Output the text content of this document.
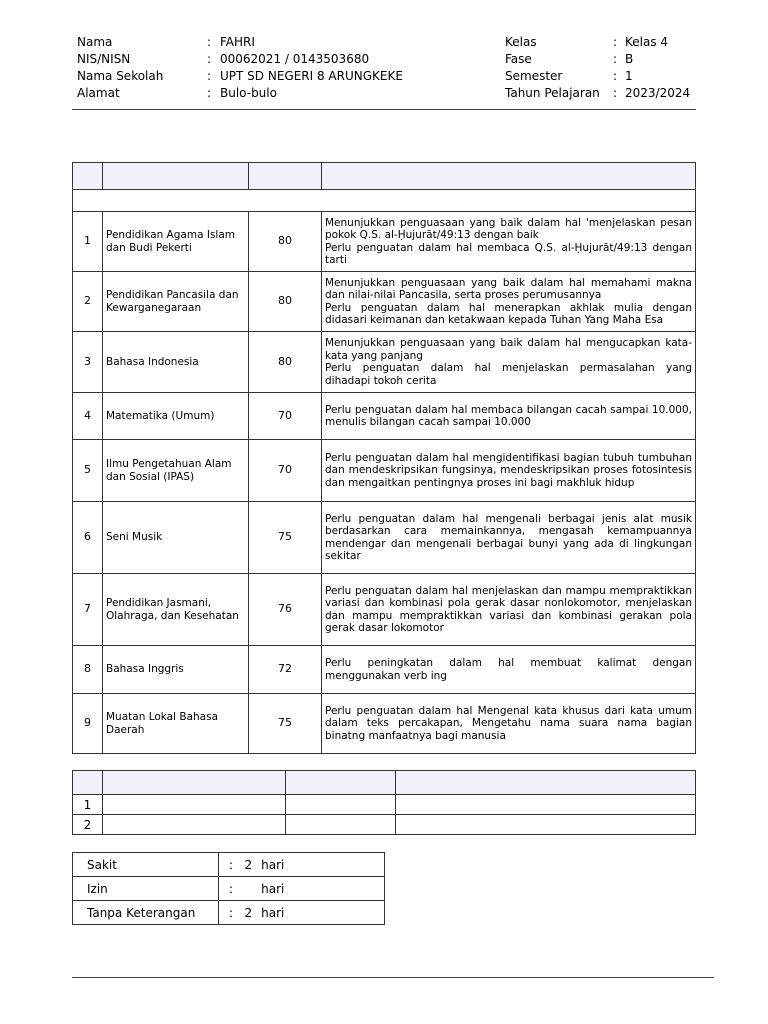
Nama	: FAHRI
NIS/NISN	: 00062021 / 0143503680
Nama Sekolah	: UPT SD NEGERI 8 ARUNGKEKE
Alamat	: Bulo-bulo
Kelas	: Kelas 4
Fase	: B
Semester	: 1
Tahun Pelajaran : 2023/2024

1	Pendidikan Agama Islam dan Budi Pekerti	80	Menunjukkan penguasaan yang baik dalam hal 'menjelaskan pesan pokok Q.S. al-Ḥujurāt/49:13 dengan baik
Perlu penguatan dalam hal membaca Q.S. al-Ḥujurāt/49:13 dengan tarti

2	Pendidikan Pancasila dan Kewarganegaraan	80	Menunjukkan penguasaan yang baik dalam hal memahami makna dan nilai-nilai Pancasila, serta proses perumusannya
Perlu penguatan dalam hal menerapkan akhlak mulia dengan didasari keimanan dan ketakwaan kepada Tuhan Yang Maha Esa

3	Bahasa Indonesia	80	Menunjukkan penguasaan yang baik dalam hal mengucapkan kata-kata yang panjang
Perlu penguatan dalam hal menjelaskan permasalahan yang dihadapi tokoh cerita

4	Matematika (Umum)	70	Perlu penguatan dalam hal membaca bilangan cacah sampai 10.000, menulis bilangan cacah sampai 10.000

5	Ilmu Pengetahuan Alam dan Sosial (IPAS)	70	Perlu penguatan dalam hal mengidentifikasi bagian tubuh tumbuhan dan mendeskripsikan fungsinya, mendeskripsikan proses fotosintesis dan mengaitkan pentingnya proses ini bagi makhluk hidup

6	Seni Musik	75	Perlu penguatan dalam hal mengenali berbagai jenis alat musik berdasarkan cara memainkannya, mengasah kemampuannya mendengar dan mengenali berbagai bunyi yang ada di lingkungan sekitar

7	Pendidikan Jasmani, Olahraga, dan Kesehatan	76	Perlu penguatan dalam hal menjelaskan dan mampu mempraktikkan variasi dan kombinasi pola gerak dasar nonlokomotor, menjelaskan dan mampu mempraktikkan variasi dan kombinasi gerakan pola gerak dasar lokomotor

8	Bahasa Inggris	72	Perlu peningkatan dalam hal membuat kalimat dengan menggunakan verb ing

9	Muatan Lokal Bahasa Daerah	75	Perlu penguatan dalam hal Mengenal kata khusus dari kata umum dalam teks percakapan, Mengetahu nama suara nama bagian binatng manfaatnya bagi manusia

1			
2			
Sakit	: 2 hari
Izin	: hari
Tanpa Keterangan	: 2 hari
